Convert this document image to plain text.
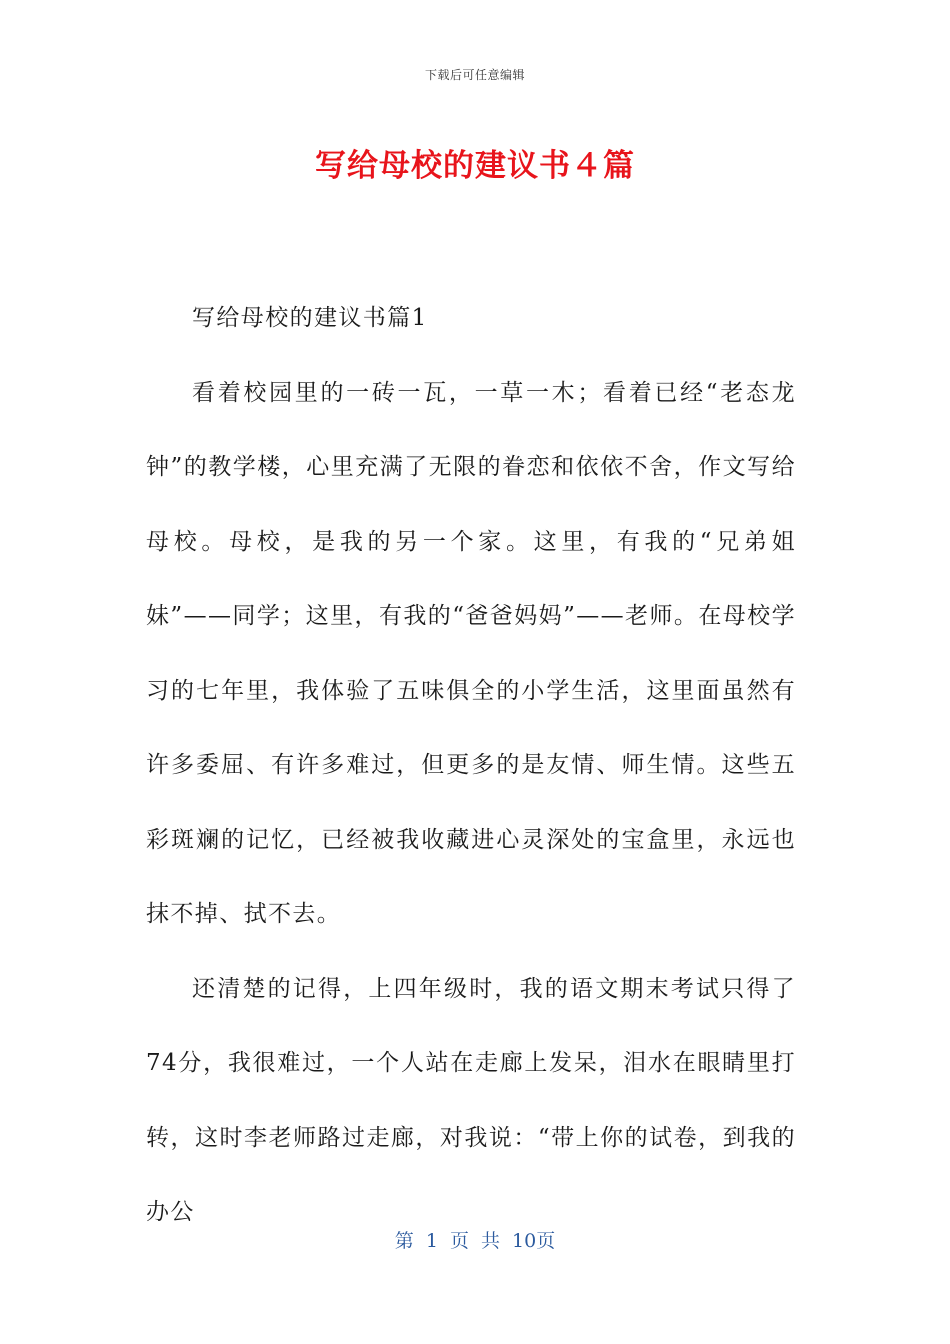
下载后可任意编辑
写给母校的建议书４篇

写给母校的建议书篇1

看着校园里的一砖一瓦，一草一木；看着已经“老态龙钟”的教学楼，心里充满了无限的眷恋和依依不舍，作文写给母校。母校，是我的另一个家。这里，有我的“兄弟姐妹”——同学；这里，有我的“爸爸妈妈”——老师。在母校学习的七年里，我体验了五味俱全的小学生活，这里面虽然有许多委屈、有许多难过，但更多的是友情、师生情。这些五彩斑斓的记忆，已经被我收藏进心灵深处的宝盒里，永远也抹不掉、拭不去。

还清楚的记得，上四年级时，我的语文期末考试只得了74分，我很难过，一个人站在走廊上发呆，泪水在眼睛里打转，这时李老师路过走廊，对我说：“带上你的试卷，到我的办公

第 1 页 共 10页
